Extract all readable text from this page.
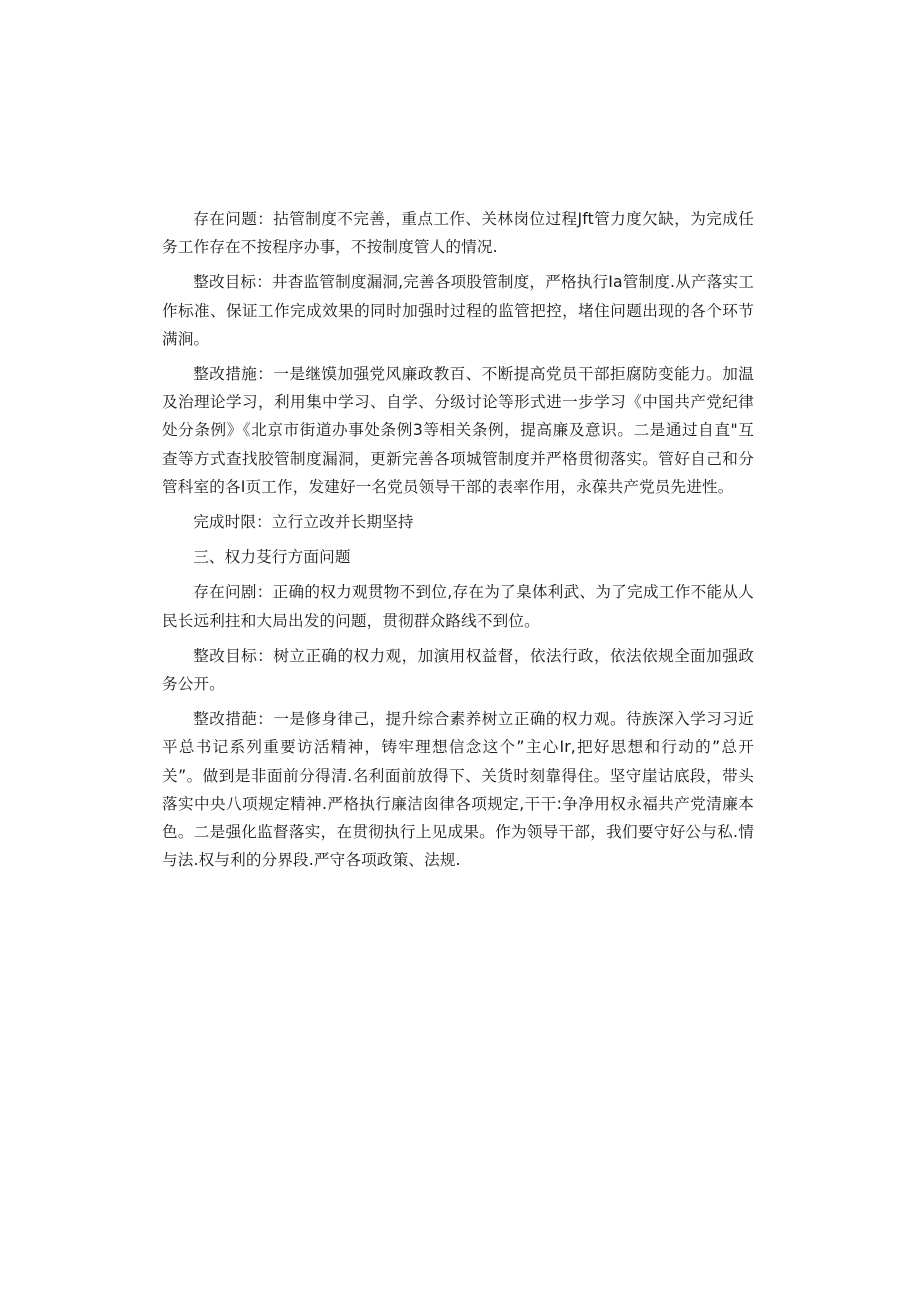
存在问题：拈管制度不完善，重点工作、关林岗位过程Jft管力度欠缺，为完成任务工作存在不按程序办事，不按制度管人的情况.

整改目标：井杳监管制度漏洞,完善各项股管制度，严格执行Ia管制度.从产落实工作标准、保证工作完成效果的同时加强时过程的监管把控，堵住问题出现的各个环节满涧。

整改措施：一是继馍加强党风廉政教百、不断提高党员干部拒腐防变能力。加温及治理论学习，利用集中学习、自学、分级讨论等形式进一步学习《中国共产党纪律处分条例》《北京市街道办事处条例3等相关条例，提高廉及意识。二是通过自直"互查等方式查找胶管制度漏洞，更新完善各项城管制度并严格贯彻落实。管好自己和分管科室的各I页工作，发建好一名党员领导干部的表率作用，永葆共产党员先进性。

完成时限：立行立改并长期坚持

三、权力芟行方面问题

存在问剧：正确的权力观贯物不到位,存在为了臬体利武、为了完成工作不能从人民长远利拄和大局出发的问题，贯彻群众路线不到位。

整改目标：树立正确的权力观，加演用权益督，依法行政，依法依规全面加强政务公开。

整改措葩：一是修身律己，提升综合素养树立正确的权力观。待族深入学习习近平总书记系列重要访活精神，铸牢理想信念这个”主心Ir,把好思想和行动的”总开关”。做到是非面前分得清.名利面前放得下、关货时刻靠得住。坚守崖诂底段，带头落实中央八项规定精神.严格执行廉洁囱律各项规定,干干:争净用权永福共产党清廉本色。二是强化监督落实，在贯彻执行上见成果。作为领导干部，我们要守好公与私.情与法.权与利的分界段.严守各项政策、法规.
